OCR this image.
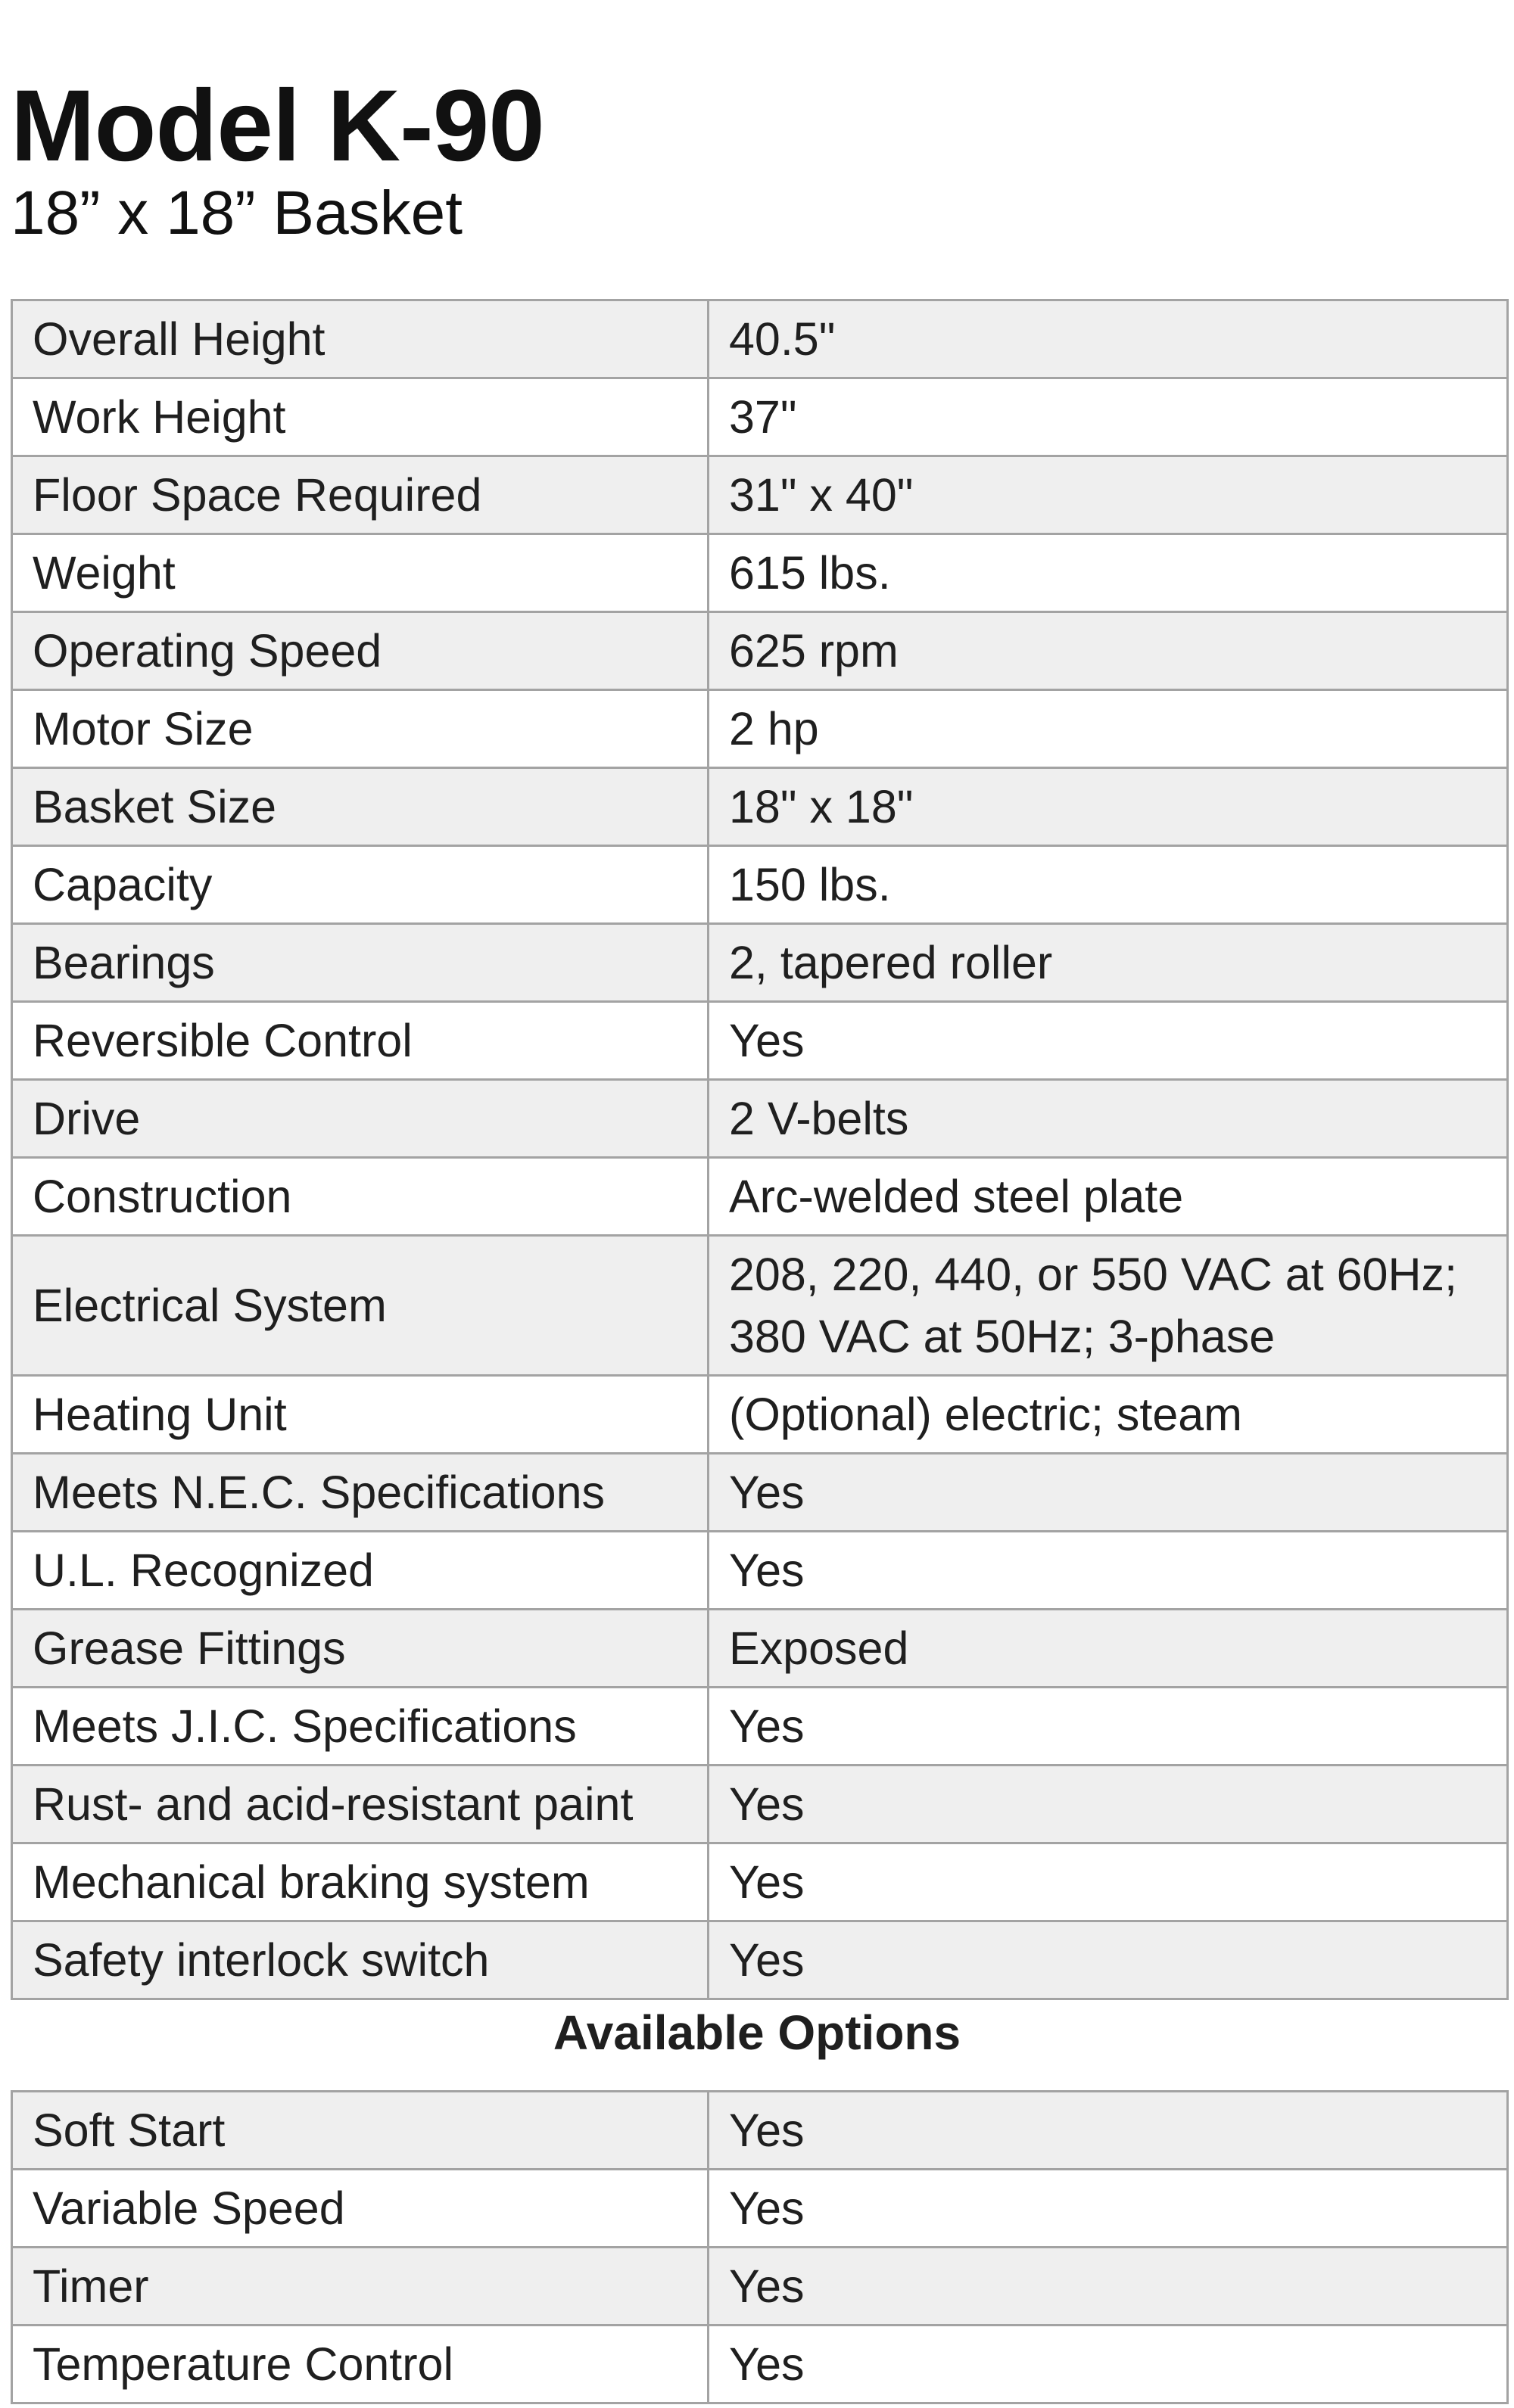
Model K-90
18” x 18” Basket
Overall Height	40.5"
Work Height	37"
Floor Space Required	31" x 40"
Weight	615 lbs.
Operating Speed	625 rpm
Motor Size	2 hp
Basket Size	18" x 18"
Capacity	150 lbs.
Bearings	2, tapered roller
Reversible Control	Yes
Drive	2 V-belts
Construction	Arc-welded steel plate
Electrical System	208, 220, 440, or 550 VAC at 60Hz; 380 VAC at 50Hz; 3-phase
Heating Unit	(Optional) electric; steam
Meets N.E.C. Specifications	Yes
U.L. Recognized	Yes
Grease Fittings	Exposed
Meets J.I.C. Specifications	Yes
Rust- and acid-resistant paint	Yes
Mechanical braking system	Yes
Safety interlock switch	Yes
Available Options
Soft Start	Yes
Variable Speed	Yes
Timer	Yes
Temperature Control	Yes
